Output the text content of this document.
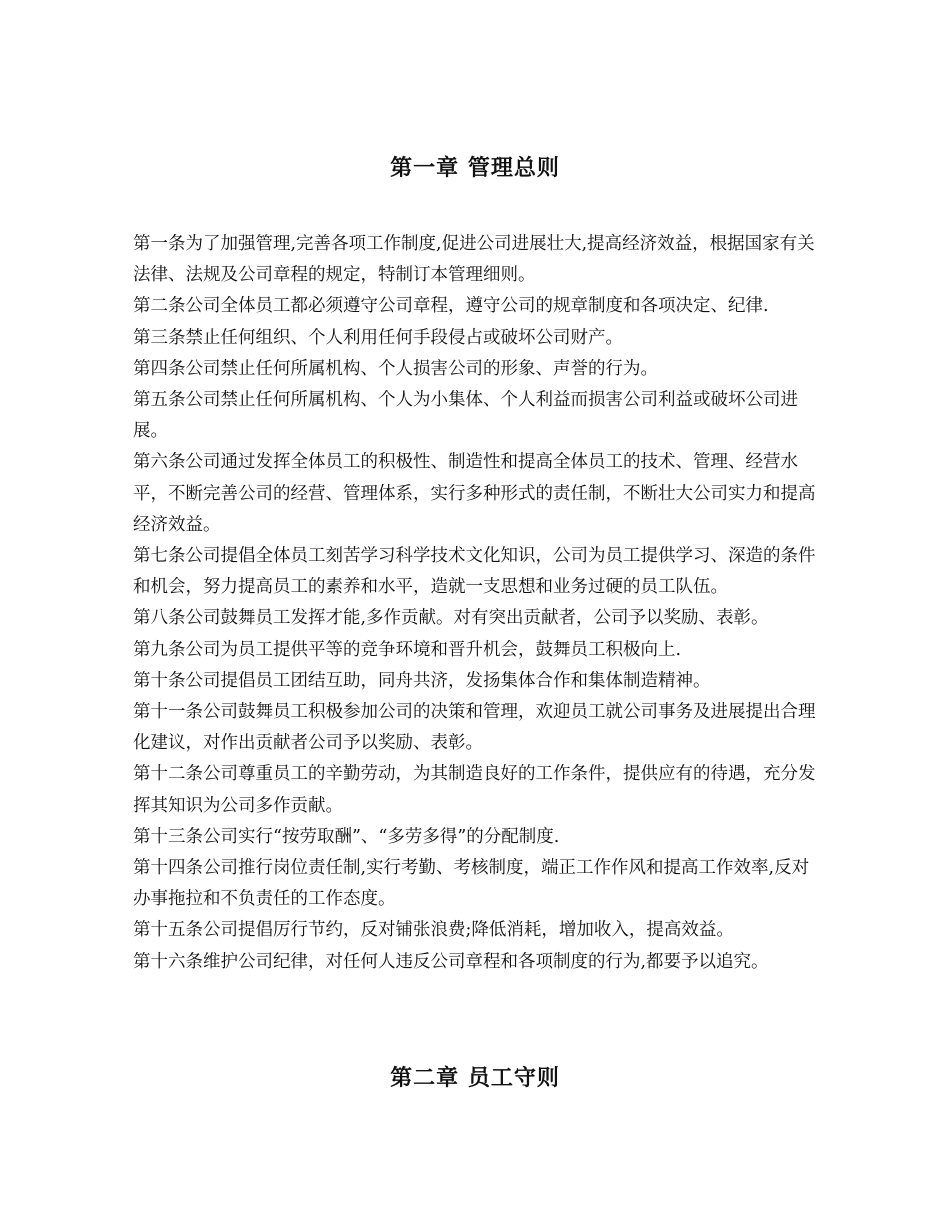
第一章 管理总则

第一条为了加强管理,完善各项工作制度,促进公司进展壮大,提高经济效益，根据国家有关法律、法规及公司章程的规定，特制订本管理细则。

第二条公司全体员工都必须遵守公司章程，遵守公司的规章制度和各项决定、纪律.

第三条禁止任何组织、个人利用任何手段侵占或破坏公司财产。

第四条公司禁止任何所属机构、个人损害公司的形象、声誉的行为。

第五条公司禁止任何所属机构、个人为小集体、个人利益而损害公司利益或破坏公司进展。

第六条公司通过发挥全体员工的积极性、制造性和提高全体员工的技术、管理、经营水平，不断完善公司的经营、管理体系，实行多种形式的责任制，不断壮大公司实力和提高经济效益。

第七条公司提倡全体员工刻苦学习科学技术文化知识，公司为员工提供学习、深造的条件和机会，努力提高员工的素养和水平，造就一支思想和业务过硬的员工队伍。

第八条公司鼓舞员工发挥才能,多作贡献。对有突出贡献者，公司予以奖励、表彰。

第九条公司为员工提供平等的竞争环境和晋升机会，鼓舞员工积极向上.

第十条公司提倡员工团结互助，同舟共济，发扬集体合作和集体制造精神。

第十一条公司鼓舞员工积极参加公司的决策和管理，欢迎员工就公司事务及进展提出合理化建议，对作出贡献者公司予以奖励、表彰。

第十二条公司尊重员工的辛勤劳动，为其制造良好的工作条件，提供应有的待遇，充分发挥其知识为公司多作贡献。

第十三条公司实行“按劳取酬”、“多劳多得”的分配制度.

第十四条公司推行岗位责任制,实行考勤、考核制度，端正工作作风和提高工作效率,反对办事拖拉和不负责任的工作态度。

第十五条公司提倡厉行节约，反对铺张浪费;降低消耗，增加收入，提高效益。

第十六条维护公司纪律，对任何人违反公司章程和各项制度的行为,都要予以追究。

第二章 员工守则
